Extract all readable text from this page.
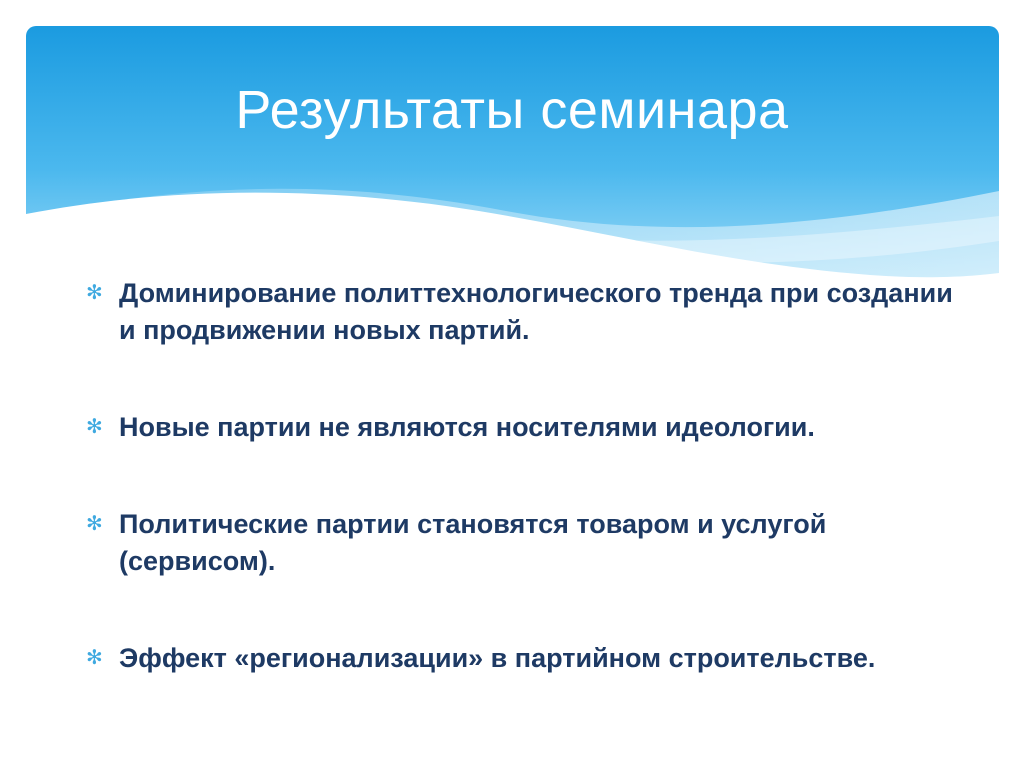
Результаты семинара
✻ Доминирование политтехнологического тренда при создании и продвижении новых партий.
✻ Новые партии не являются носителями идеологии.
✻ Политические партии становятся товаром и услугой (сервисом).
✻ Эффект «регионализации» в партийном строительстве.
